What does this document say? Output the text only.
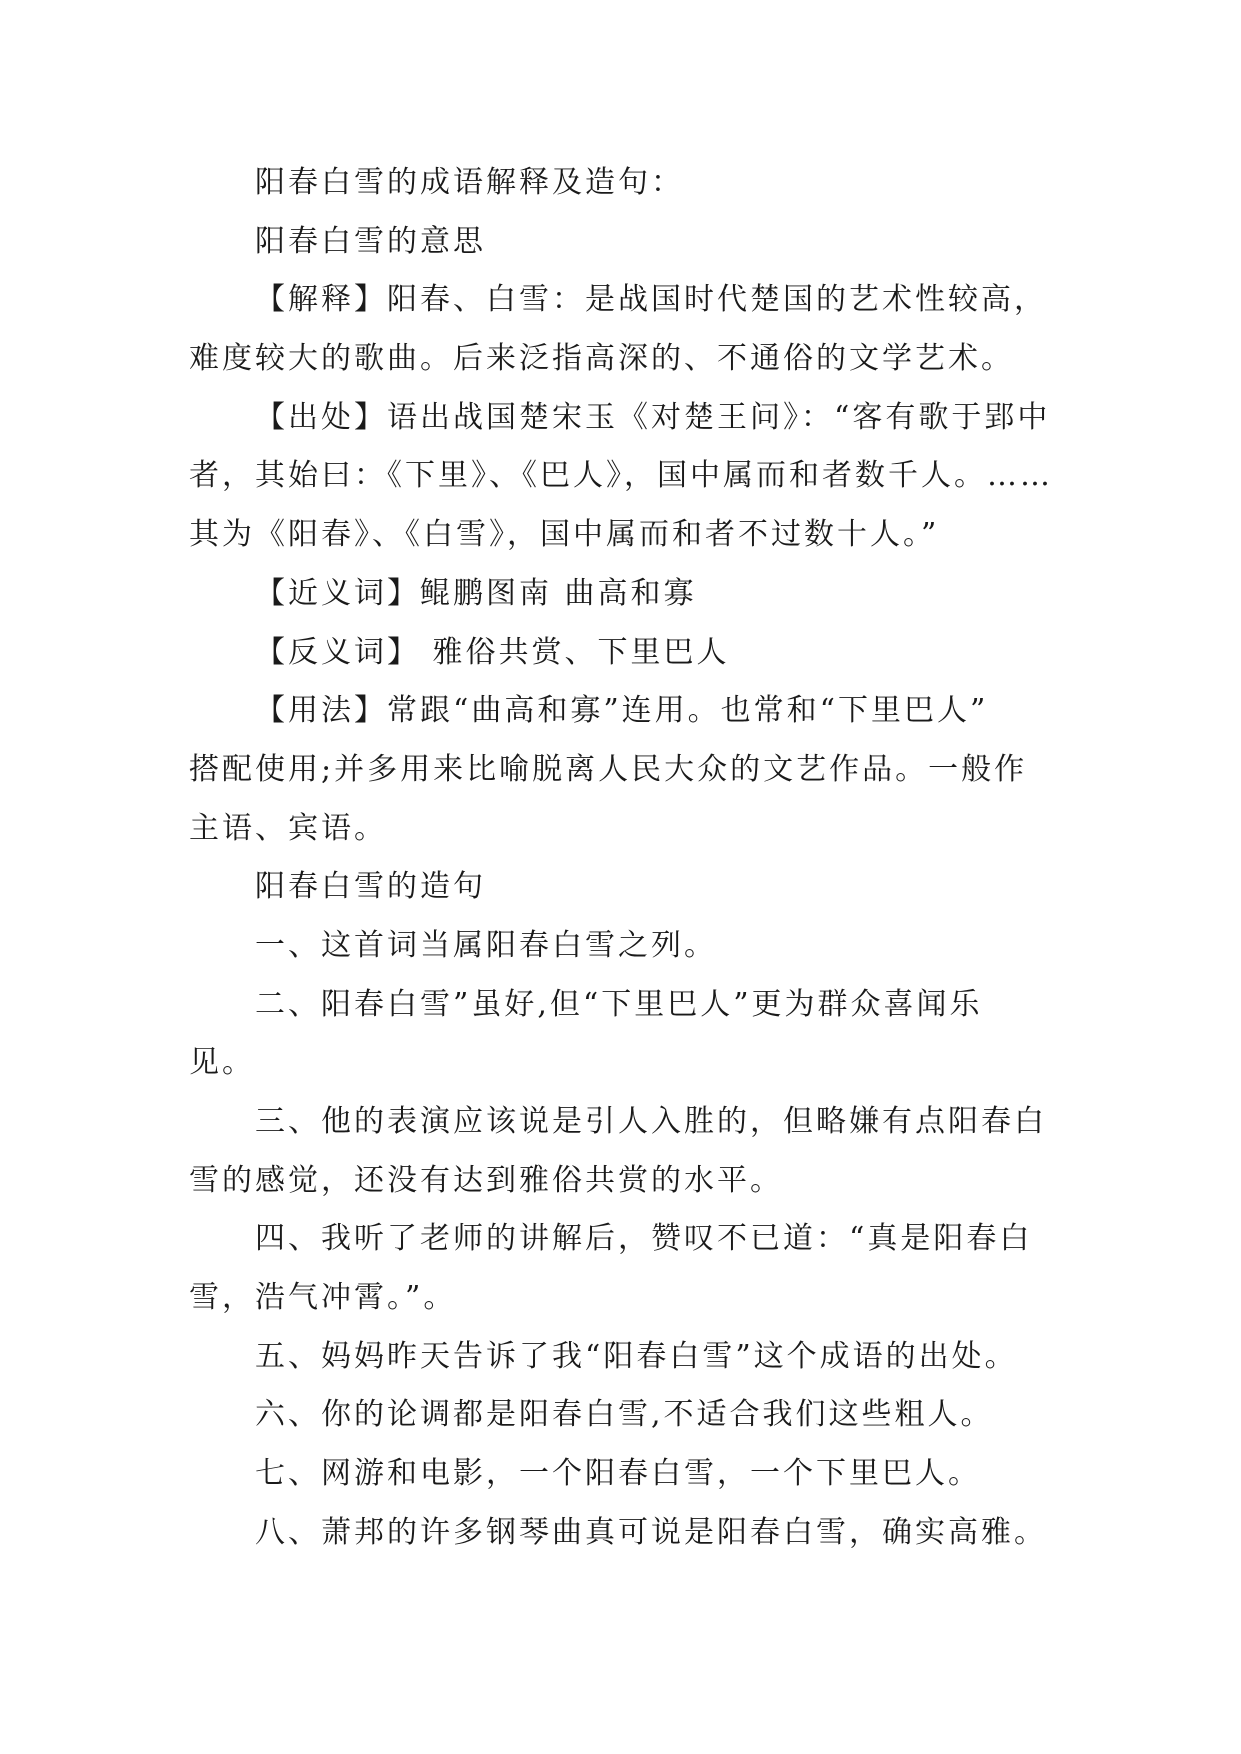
阳春白雪的成语解释及造句：
阳春白雪的意思
【解释】阳春、白雪：是战国时代楚国的艺术性较高，
难度较大的歌曲。后来泛指高深的、不通俗的文学艺术。
【出处】语出战国楚宋玉《对楚王问》：“客有歌于郢中
者，其始曰：《下里》、《巴人》，国中属而和者数千人。……
其为《阳春》、《白雪》，国中属而和者不过数十人。”
【近义词】鲲鹏图南 曲高和寡
【反义词】 雅俗共赏、下里巴人
【用法】常跟“曲高和寡”连用。也常和“下里巴人”
搭配使用;并多用来比喻脱离人民大众的文艺作品。一般作
主语、宾语。
阳春白雪的造句
一、这首词当属阳春白雪之列。
二、阳春白雪”虽好,但“下里巴人”更为群众喜闻乐
见。
三、他的表演应该说是引人入胜的，但略嫌有点阳春白
雪的感觉，还没有达到雅俗共赏的水平。
四、我听了老师的讲解后，赞叹不已道：“真是阳春白
雪，浩气冲霄。”。
五、妈妈昨天告诉了我“阳春白雪”这个成语的出处。
六、你的论调都是阳春白雪,不适合我们这些粗人。
七、网游和电影，一个阳春白雪，一个下里巴人。
八、萧邦的许多钢琴曲真可说是阳春白雪，确实高雅。
